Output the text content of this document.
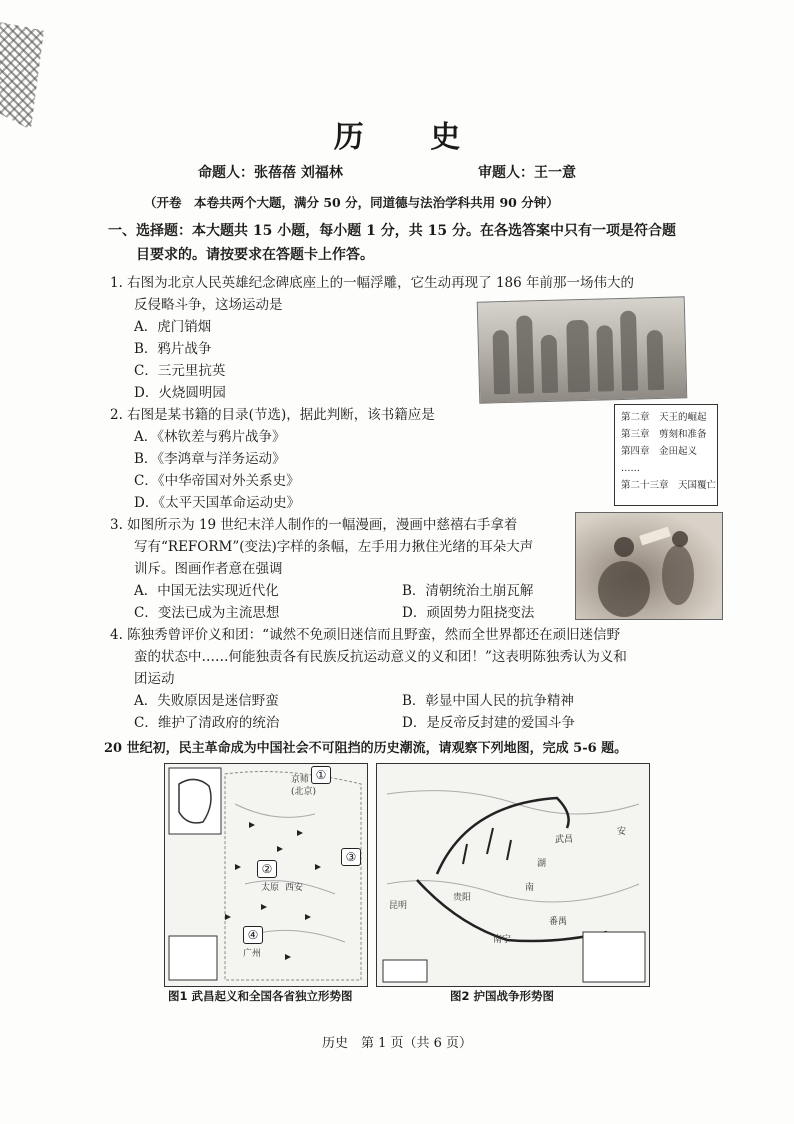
历 史
命题人：张蓓蓓 刘福林	审题人：王一意
（开卷　本卷共两个大题，满分 50 分，同道德与法治学科共用 90 分钟）
一、选择题：本大题共 15 小题，每小题 1 分，共 15 分。在各选答案中只有一项是符合题
目要求的。请按要求在答题卡上作答。
1. 右图为北京人民英雄纪念碑底座上的一幅浮雕，它生动再现了 186 年前那一场伟大的
反侵略斗争，这场运动是
A．虎门销烟
B．鸦片战争
C．三元里抗英
D．火烧圆明园
2. 右图是某书籍的目录(节选)，据此判断，该书籍应是
A．《林钦差与鸦片战争》
B．《李鸿章与洋务运动》
C．《中华帝国对外关系史》
D．《太平天国革命运动史》
第二章　天王的崛起
第三章　剪刻和准备
第四章　金田起义
……
第二十三章　天国覆亡
3. 如图所示为 19 世纪末洋人制作的一幅漫画，漫画中慈禧右手拿着
写有“REFORM”(变法)字样的条幅，左手用力揪住光绪的耳朵大声
训斥。图画作者意在强调
A．中国无法实现近代化	B．清朝统治土崩瓦解
C．变法已成为主流思想	D．顽固势力阻挠变法
4. 陈独秀曾评价义和团：“诚然不免顽旧迷信而且野蛮，然而全世界都还在顽旧迷信野
蛮的状态中……何能独责各有民族反抗运动意义的义和团！”这表明陈独秀认为义和
团运动
A．失败原因是迷信野蛮	B．彰显中国人民的抗争精神
C．维护了清政府的统治	D．是反帝反封建的爱国斗争
20 世纪初，民主革命成为中国社会不可阻挡的历史潮流，请观察下列地图，完成 5-6 题。
①
②
③
④
京师
(北京)
太原 西安
广州
图1 武昌起义和全国各省独立形势图
武昌
贵阳
昆明
南宁
番禺
湖
南
安
图2 护国战争形势图
历史　第 1 页（共 6 页）
